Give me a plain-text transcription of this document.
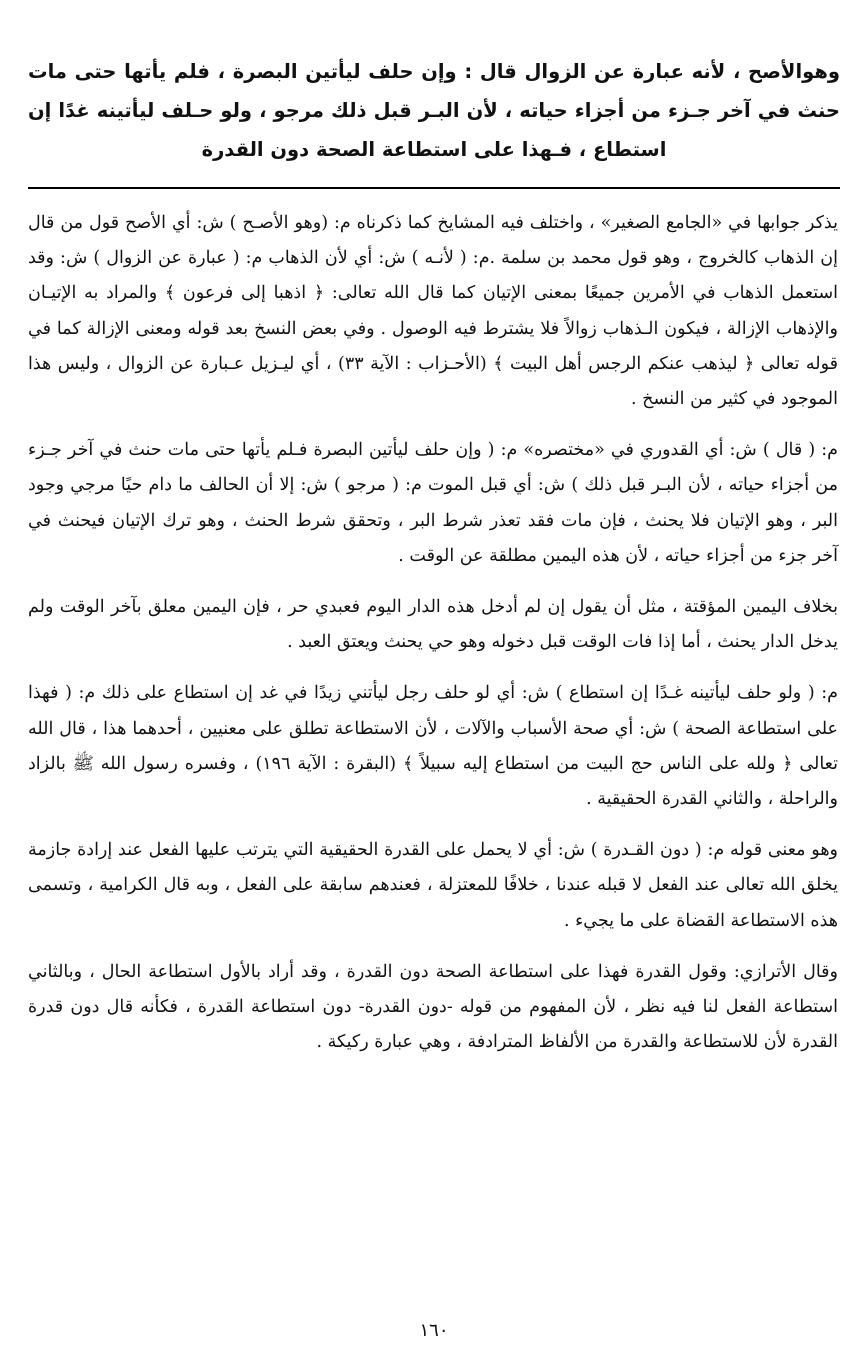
وهوالأصح ، لأنه عبارة عن الزوال قال : وإن حلف ليأتين البصرة ، فلم يأتها حتى مات حنث في آخر جـزء من أجزاء حياته ، لأن البـر قبل ذلك مرجو ، ولو حـلف ليأتينه غدًا إن استطاع ، فـهذا على استطاعة الصحة دون القدرة

يذكر جوابها في «الجامع الصغير» ، واختلف فيه المشايخ كما ذكرناه م: (وهو الأصـح ) ش: أي الأصح قول من قال إن الذهاب كالخروج ، وهو قول محمد بن سلمة .م: ( لأنـه ) ش: أي لأن الذهاب م: ( عبارة عن الزوال ) ش: وقد استعمل الذهاب في الأمرين جميعًا بمعنى الإتيان كما قال الله تعالى: ﴿ اذهبا إلى فرعون ﴾ والمراد به الإتيـان والإذهاب الإزالة ، فيكون الـذهاب زوالاً فلا يشترط فيه الوصول . وفي بعض النسخ بعد قوله ومعنى الإزالة كما في قوله تعالى ﴿ ليذهب عنكم الرجس أهل البيت ﴾ (الأحـزاب : الآية ٣٣) ، أي ليـزيل عـبارة عن الزوال ، وليس هذا الموجود في كثير من النسخ .

م: ( قال ) ش: أي القدوري في «مختصره» م: ( وإن حلف ليأتين البصرة فـلم يأتها حتى مات حنث في آخر جـزء من أجزاء حياته ، لأن البـر قبل ذلك ) ش: أي قبل الموت م: ( مرجو ) ش: إلا أن الحالف ما دام حيًا مرجي وجود البر ، وهو الإتيان فلا يحنث ، فإن مات فقد تعذر شرط البر ، وتحقق شرط الحنث ، وهو ترك الإتيان فيحنث في آخر جزء من أجزاء حياته ، لأن هذه اليمين مطلقة عن الوقت .

بخلاف اليمين المؤقتة ، مثل أن يقول إن لم أدخل هذه الدار اليوم فعبدي حر ، فإن اليمين معلق بآخر الوقت ولم يدخل الدار يحنث ، أما إذا فات الوقت قبل دخوله وهو حي يحنث ويعتق العبد .

م: ( ولو حلف ليأتينه غـدًا إن استطاع ) ش: أي لو حلف رجل ليأتني زيدًا في غد إن استطاع على ذلك م: ( فهذا على استطاعة الصحة ) ش: أي صحة الأسباب والآلات ، لأن الاستطاعة تطلق على معنيين ، أحدهما هذا ، قال الله تعالى ﴿ ولله على الناس حج البيت من استطاع إليه سبيلاً ﴾ (البقرة : الآية ١٩٦) ، وفسره رسول الله ﷺ بالزاد والراحلة ، والثاني القدرة الحقيقية .

وهو معنى قوله م: ( دون القـدرة ) ش: أي لا يحمل على القدرة الحقيقية التي يترتب عليها الفعل عند إرادة جازمة يخلق الله تعالى عند الفعل لا قبله عندنا ، خلافًا للمعتزلة ، فعندهم سابقة على الفعل ، وبه قال الكرامية ، وتسمى هذه الاستطاعة القضاة على ما يجيء .

وقال الأترازي: وقول القدرة فهذا على استطاعة الصحة دون القدرة ، وقد أراد بالأول استطاعة الحال ، وبالثاني استطاعة الفعل لنا فيه نظر ، لأن المفهوم من قوله -دون القدرة- دون استطاعة القدرة ، فكأنه قال دون قدرة القدرة لأن للاستطاعة والقدرة من الألفاظ المترادفة ، وهي عبارة ركيكة .

١٦٠
